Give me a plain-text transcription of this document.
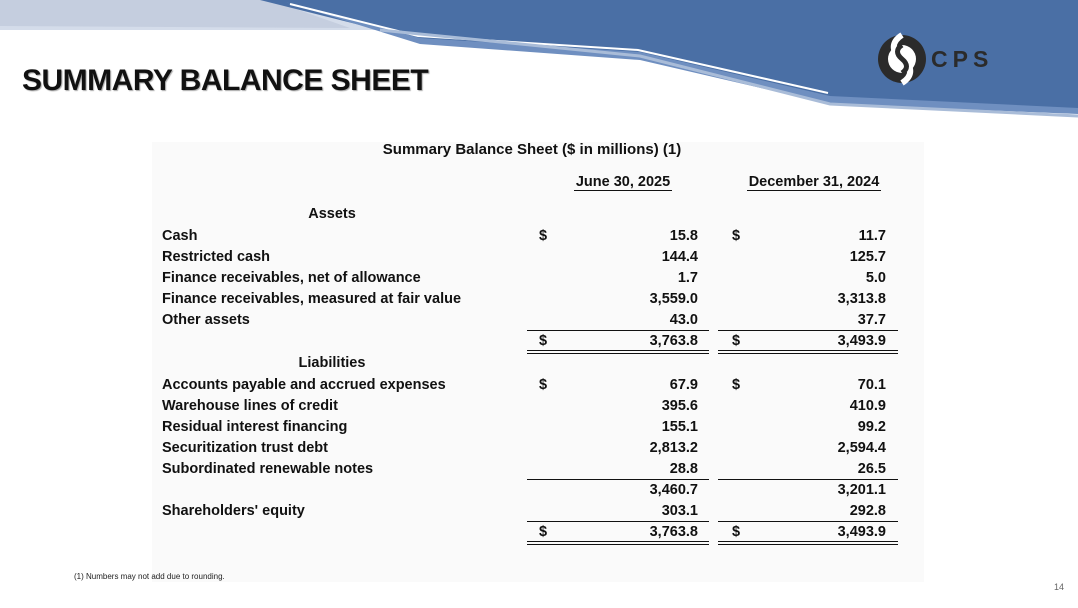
SUMMARY BALANCE SHEET
CPS
Summary Balance Sheet ($ in millions) (1)
June 30, 2025	December 31, 2024
Assets
Cash	$	15.8 $	11.7
Restricted cash	144.4	125.7
Finance receivables, net of allowance	1.7	5.0
Finance receivables, measured at fair value	3,559.0	3,313.8
Other assets	43.0	37.7
$	3,763.8 $	3,493.9
Liabilities
Accounts payable and accrued expenses	$	67.9 $	70.1
Warehouse lines of credit	395.6	410.9
Residual interest financing	155.1	99.2
Securitization trust debt	2,813.2	2,594.4
Subordinated renewable notes	28.8	26.5
3,460.7	3,201.1
Shareholders' equity	303.1	292.8
$	3,763.8 $	3,493.9
(1) Numbers may not add due to rounding.
14
